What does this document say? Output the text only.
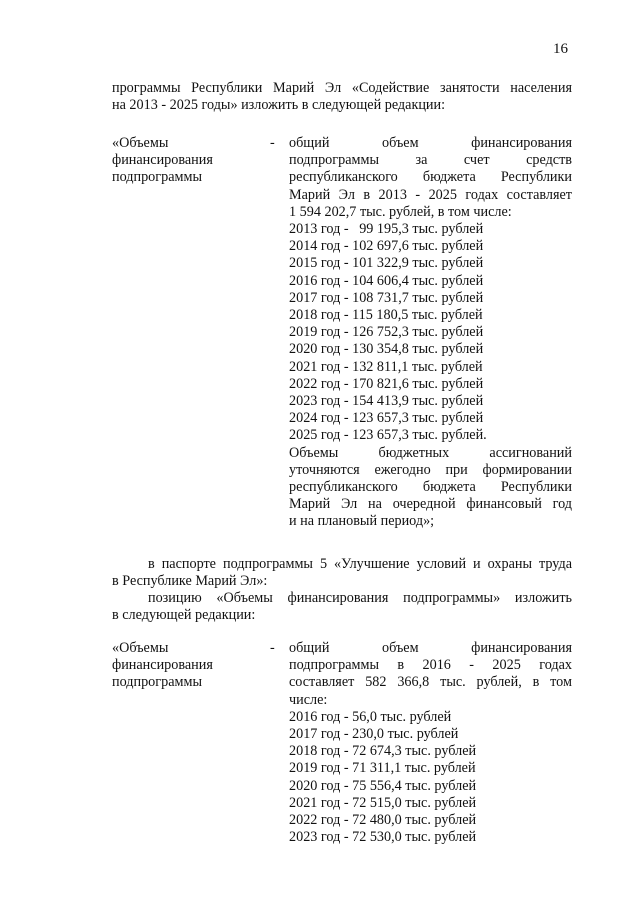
16
программы Республики Марий Эл «Содействие занятости населения
на 2013 - 2025 годы» изложить в следующей редакции:
«Объемы
финансирования
подпрограммы
- общий объем финансирования
подпрограммы за счет средств
республиканского бюджета Республики
Марий Эл в 2013 - 2025 годах составляет
1 594 202,7 тыс. рублей, в том числе:
2013 год -   99 195,3 тыс. рублей
2014 год - 102 697,6 тыс. рублей
2015 год - 101 322,9 тыс. рублей
2016 год - 104 606,4 тыс. рублей
2017 год - 108 731,7 тыс. рублей
2018 год - 115 180,5 тыс. рублей
2019 год - 126 752,3 тыс. рублей
2020 год - 130 354,8 тыс. рублей
2021 год - 132 811,1 тыс. рублей
2022 год - 170 821,6 тыс. рублей
2023 год - 154 413,9 тыс. рублей
2024 год - 123 657,3 тыс. рублей
2025 год - 123 657,3 тыс. рублей.
Объемы бюджетных ассигнований
уточняются ежегодно при формировании
республиканского бюджета Республики
Марий Эл на очередной финансовый год
и на плановый период»;
в паспорте подпрограммы 5 «Улучшение условий и охраны труда
в Республике Марий Эл»:
позицию «Объемы финансирования подпрограммы» изложить
в следующей редакции:
«Объемы
финансирования
подпрограммы
- общий объем финансирования
подпрограммы в 2016 - 2025 годах
составляет 582 366,8 тыс. рублей, в том
числе:
2016 год - 56,0 тыс. рублей
2017 год - 230,0 тыс. рублей
2018 год - 72 674,3 тыс. рублей
2019 год - 71 311,1 тыс. рублей
2020 год - 75 556,4 тыс. рублей
2021 год - 72 515,0 тыс. рублей
2022 год - 72 480,0 тыс. рублей
2023 год - 72 530,0 тыс. рублей
